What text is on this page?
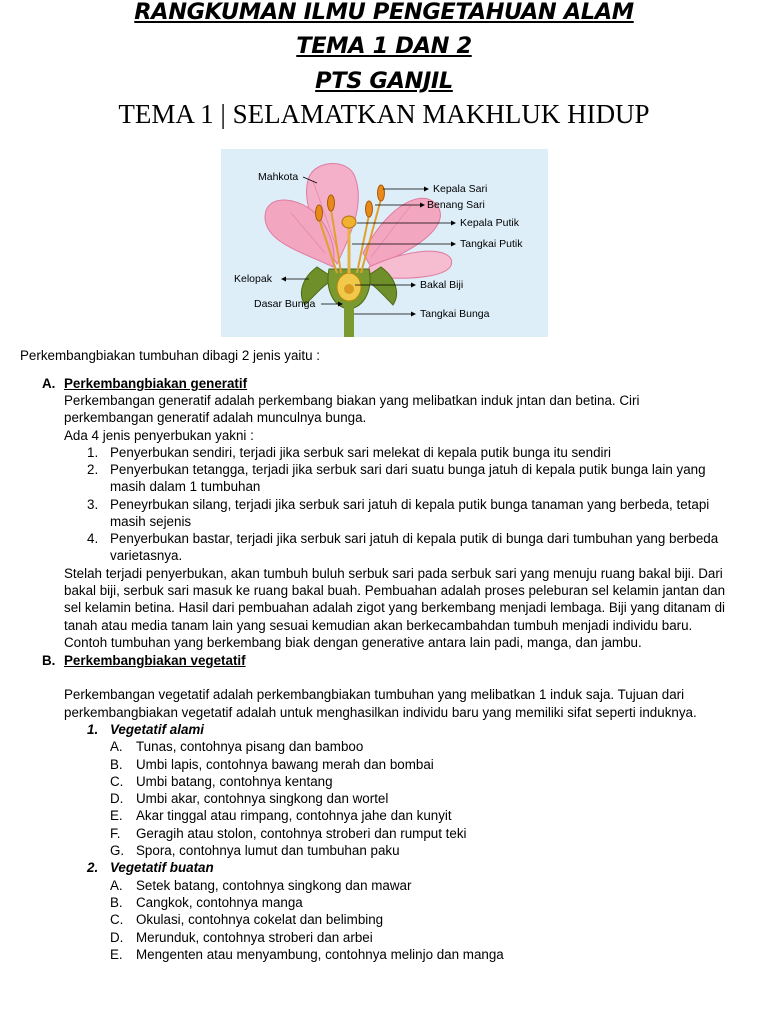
RANGKUMAN ILMU PENGETAHUAN ALAM
TEMA 1 DAN 2
PTS GANJIL
TEMA 1 | SELAMATKAN MAKHLUK HIDUP
Mahkota
Kepala Sari
Benang Sari
Kepala Putik
Tangkai Putik
Kelopak	Bakal Biji
Dasar Bunga
Tangkai Bunga
Perkembangbiakan tumbuhan dibagi 2 jenis yaitu :
A. Perkembangbiakan generatif
Perkembangan generatif adalah perkembang biakan yang melibatkan induk jntan dan betina. Ciri
perkembangan generatif adalah munculnya bunga.
Ada 4 jenis penyerbukan yakni :
1. Penyerbukan sendiri, terjadi jika serbuk sari melekat di kepala putik bunga itu sendiri
2. Penyerbukan tetangga, terjadi jika serbuk sari dari suatu bunga jatuh di kepala putik bunga lain yang
masih dalam 1 tumbuhan
3. Peneyrbukan silang, terjadi jika serbuk sari jatuh di kepala putik bunga tanaman yang berbeda, tetapi
masih sejenis
4. Penyerbukan bastar, terjadi jika serbuk sari jatuh di kepala putik di bunga dari tumbuhan yang berbeda
varietasnya.
Stelah terjadi penyerbukan, akan tumbuh buluh serbuk sari pada serbuk sari yang menuju ruang bakal biji. Dari
bakal biji, serbuk sari masuk ke ruang bakal buah. Pembuahan adalah proses peleburan sel kelamin jantan dan
sel kelamin betina. Hasil dari pembuahan adalah zigot yang berkembang menjadi lembaga. Biji yang ditanam di
tanah atau media tanam lain yang sesuai kemudian akan berkecambahdan tumbuh menjadi individu baru.
Contoh tumbuhan yang berkembang biak dengan generative antara lain padi, manga, dan jambu.
B. Perkembangbiakan vegetatif
Perkembangan vegetatif adalah perkembangbiakan tumbuhan yang melibatkan 1 induk saja. Tujuan dari
perkembangbiakan vegetatif adalah untuk menghasilkan individu baru yang memiliki sifat seperti induknya.
1. Vegetatif alami
A. Tunas, contohnya pisang dan bamboo
B. Umbi lapis, contohnya bawang merah dan bombai
C. Umbi batang, contohnya kentang
D. Umbi akar, contohnya singkong dan wortel
E. Akar tinggal atau rimpang, contohnya jahe dan kunyit
F. Geragih atau stolon, contohnya stroberi dan rumput teki
G. Spora, contohnya lumut dan tumbuhan paku
2. Vegetatif buatan
A. Setek batang, contohnya singkong dan mawar
B. Cangkok, contohnya manga
C. Okulasi, contohnya cokelat dan belimbing
D. Merunduk, contohnya stroberi dan arbei
E. Mengenten atau menyambung, contohnya melinjo dan manga
